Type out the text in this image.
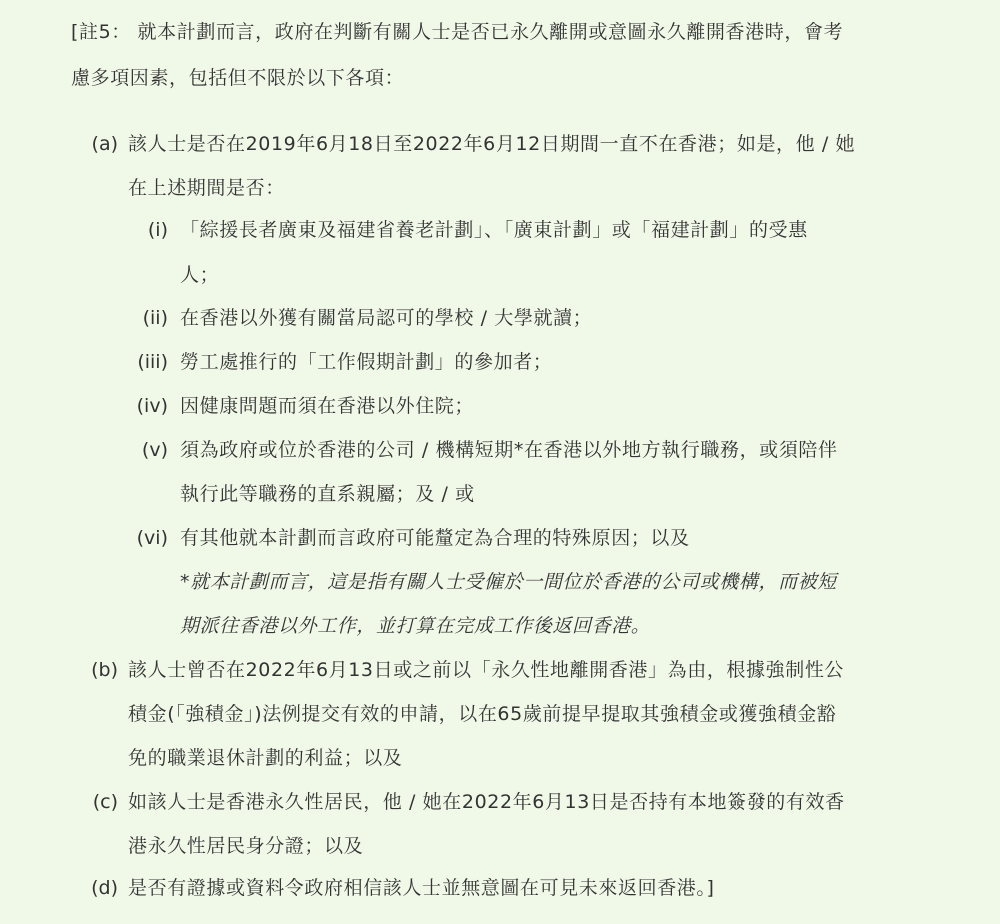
[註5： 就本計劃而言，政府在判斷有關人士是否已永久離開或意圖永久離開香港時，會考
慮多項因素，包括但不限於以下各項：
(a) 該人士是否在2019年6月18日至2022年6月12日期間一直不在香港；如是，他 / 她
在上述期間是否：
(i) 「綜援長者廣東及福建省養老計劃」、「廣東計劃」或「福建計劃」的受惠
人；
(ii) 在香港以外獲有關當局認可的學校 / 大學就讀；
(iii) 勞工處推行的「工作假期計劃」的參加者；
(iv) 因健康問題而須在香港以外住院；
(v) 須為政府或位於香港的公司 / 機構短期*在香港以外地方執行職務，或須陪伴
執行此等職務的直系親屬；及 / 或
(vi) 有其他就本計劃而言政府可能釐定為合理的特殊原因；以及
*就本計劃而言，這是指有關人士受僱於一間位於香港的公司或機構，而被短
期派往香港以外工作，並打算在完成工作後返回香港。
(b) 該人士曾否在2022年6月13日或之前以「永久性地離開香港」為由，根據強制性公
積金(「強積金」)法例提交有效的申請，以在65歲前提早提取其強積金或獲強積金豁
免的職業退休計劃的利益；以及
(c) 如該人士是香港永久性居民，他 / 她在2022年6月13日是否持有本地簽發的有效香
港永久性居民身分證；以及
(d) 是否有證據或資料令政府相信該人士並無意圖在可見未來返回香港。]
